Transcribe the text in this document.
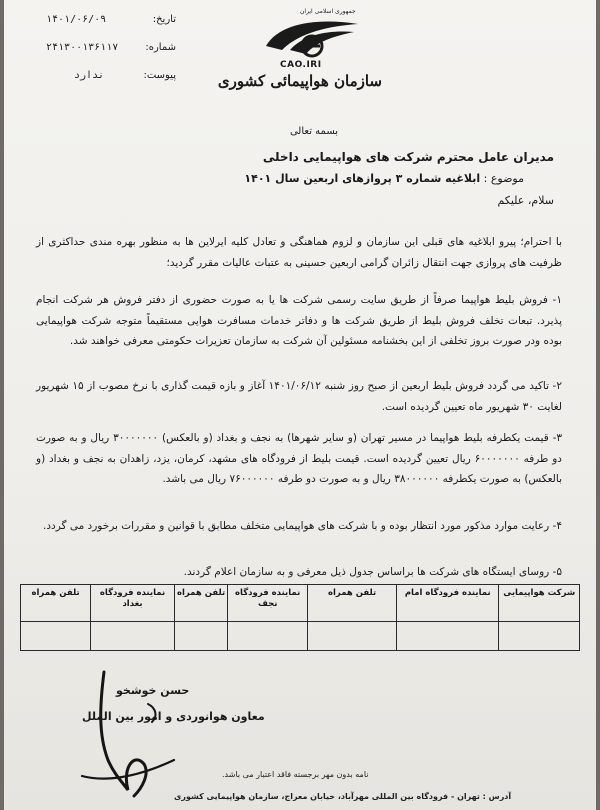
تاریخ:
۱۴۰۱/۰۶/۰۹
شماره:
۲۴۱۳۰۰۱۳۶۱۱۷
پیوست:
ندارد
جمهوری اسلامی ایران
CAO.IRI
سازمان هواپیمائی کشوری
بسمه تعالی
مدیران عامل محترم شرکت های هواپیمایی داخلی
موضوع : ابلاغیه شماره ۳ پروازهای اربعین سال ۱۴۰۱
سلام، علیکم
با احترام؛ پیرو ابلاغیه های قبلی این سازمان و لزوم هماهنگی و تعادل کلیه ایرلاین ها به منظور بهره مندی حداکثری از ظرفیت های پروازی جهت انتقال زائران گرامی اربعین حسینی به عتبات عالیات مقرر گردید؛
۱- فروش بلیط هواپیما صرفاً از طریق سایت رسمی شرکت ها یا به صورت حضوری از دفتر فروش هر شرکت انجام پذیرد. تبعات تخلف فروش بلیط از طریق شرکت ها و دفاتر خدمات مسافرت هوایی مستقیماً متوجه شرکت هواپیمایی بوده ودر صورت بروز تخلفی از این بخشنامه مسئولین آن شرکت به سازمان تعزیرات حکومتی معرفی خواهند شد.
۲- تاکید می گردد فروش بلیط اربعین از صبح روز شنبه ۱۴۰۱/۰۶/۱۲ آغاز و بازه قیمت گذاری با نرخ مصوب از ۱۵ شهریور لغایت ۳۰ شهریور ماه تعیین گردیده است.
۳- قیمت یکطرفه بلیط هواپیما در مسیر تهران (و سایر شهرها) به نجف و بغداد (و بالعکس) ۳۰۰۰۰۰۰۰ ریال و به صورت دو طرفه ۶۰۰۰۰۰۰۰ ریال تعیین گردیده است. قیمت بلیط از فرودگاه های مشهد، کرمان، یزد، زاهدان به نجف و بغداد (و بالعکس) به صورت یکطرفه ۳۸۰۰۰۰۰۰ ریال و به صورت دو طرفه ۷۶۰۰۰۰۰۰ ریال می باشد.
۴- رعایت موارد مذکور مورد انتظار بوده و با شرکت های هواپیمایی متخلف مطابق با قوانین و مقررات برخورد می گردد.
۵- روسای ایستگاه های شرکت ها براساس جدول ذیل معرفی و به سازمان اعلام گردند.
شرکت هواپیمایی	نماینده فرودگاه امام	تلفن همراه	نماینده فرودگاه نجف	تلفن همراه	نماینده فرودگاه بغداد	تلفن همراه

حسن خوشخو
معاون هوانوردی و امور بین الملل
نامه بدون مهر برجسته فاقد اعتبار می باشد.
آدرس : تهران - فرودگاه بین المللی مهرآباد، خیابان معراج، سازمان هواپیمایی کشوری
